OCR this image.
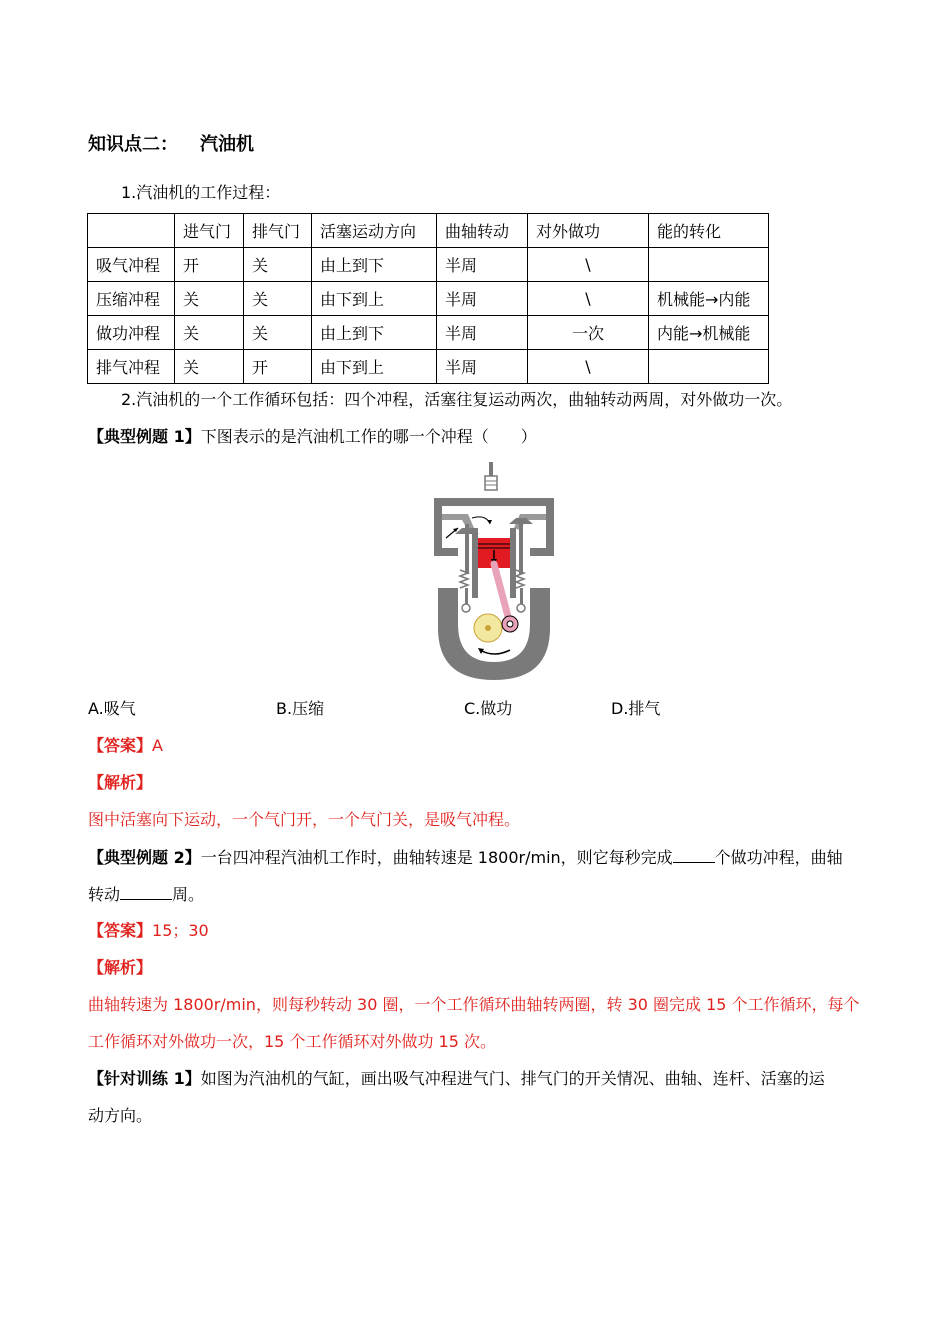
知识点二： 汽油机
1.汽油机的工作过程：
	进气门	排气门	活塞运动方向	曲轴转动	对外做功	能的转化
吸气冲程	开	关	由上到下	半周	\	
压缩冲程	关	关	由下到上	半周	\	机械能→内能
做功冲程	关	关	由上到下	半周	一次	内能→机械能
排气冲程	关	开	由下到上	半周	\	
2.汽油机的一个工作循环包括：四个冲程，活塞往复运动两次，曲轴转动两周，对外做功一次。
【典型例题 1】下图表示的是汽油机工作的哪一个冲程（　　）
A.吸气	B.压缩	C.做功	D.排气
【答案】A
【解析】
图中活塞向下运动，一个气门开，一个气门关，是吸气冲程。
【典型例题 2】一台四冲程汽油机工作时，曲轴转速是 1800r/min，则它每秒完成	个做功冲程，曲轴
转动	周。
【答案】15；30
【解析】
曲轴转速为 1800r/min，则每秒转动 30 圈，一个工作循环曲轴转两圈，转 30 圈完成 15 个工作循环，每个
工作循环对外做功一次，15 个工作循环对外做功 15 次。
【针对训练 1】如图为汽油机的气缸，画出吸气冲程进气门、排气门的开关情况、曲轴、连杆、活塞的运
动方向。
